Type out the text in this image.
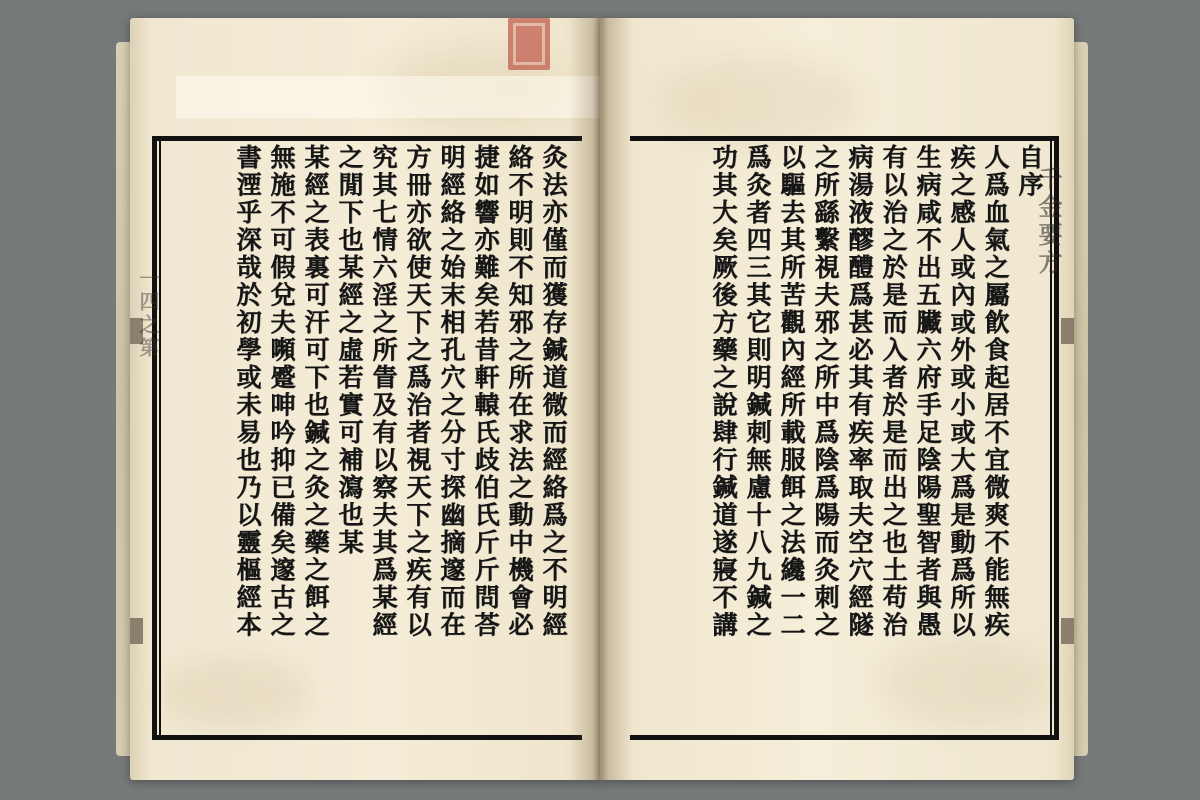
一四之第	灸法亦僅而獲存鍼道微而經絡爲之不明經
絡不明則不知邪之所在求法之動中機會必
捷如響亦難矣若昔軒轅氏歧伯氏斤斤問荅
明經絡之始末相孔穴之分寸探幽摘邃而在
方冊亦欲使天下之爲治者視天下之疾有以
究其七情六淫之所眚及有以察夫其爲某經
之閒下也某經之虛若實可補瀉也某
某經之表裏可汗可下也鍼之灸之藥之餌之
無施不可假兌夫嚬蹙呻吟抑已備矣邃古之
書湮乎深哉於初學或未易也乃以靈樞經本	千金要方
自序
人爲血氣之屬飮食起居不宜微爽不能無疾
疾之感人或內或外或小或大爲是動爲所以
生病咸不出五臟六府手足陰陽聖智者與愚
有以治之於是而入者於是而出之也土苟治
病湯液醪醴爲甚必其有疾率取夫空穴經隧
之所繇繫視夫邪之所中爲陰爲陽而灸刺之
以驅去其所苦觀內經所載服餌之法纔一二
爲灸者四三其它則明鍼刺無慮十八九鍼之
功其大矣厥後方藥之說肆行鍼道遂寢不講
